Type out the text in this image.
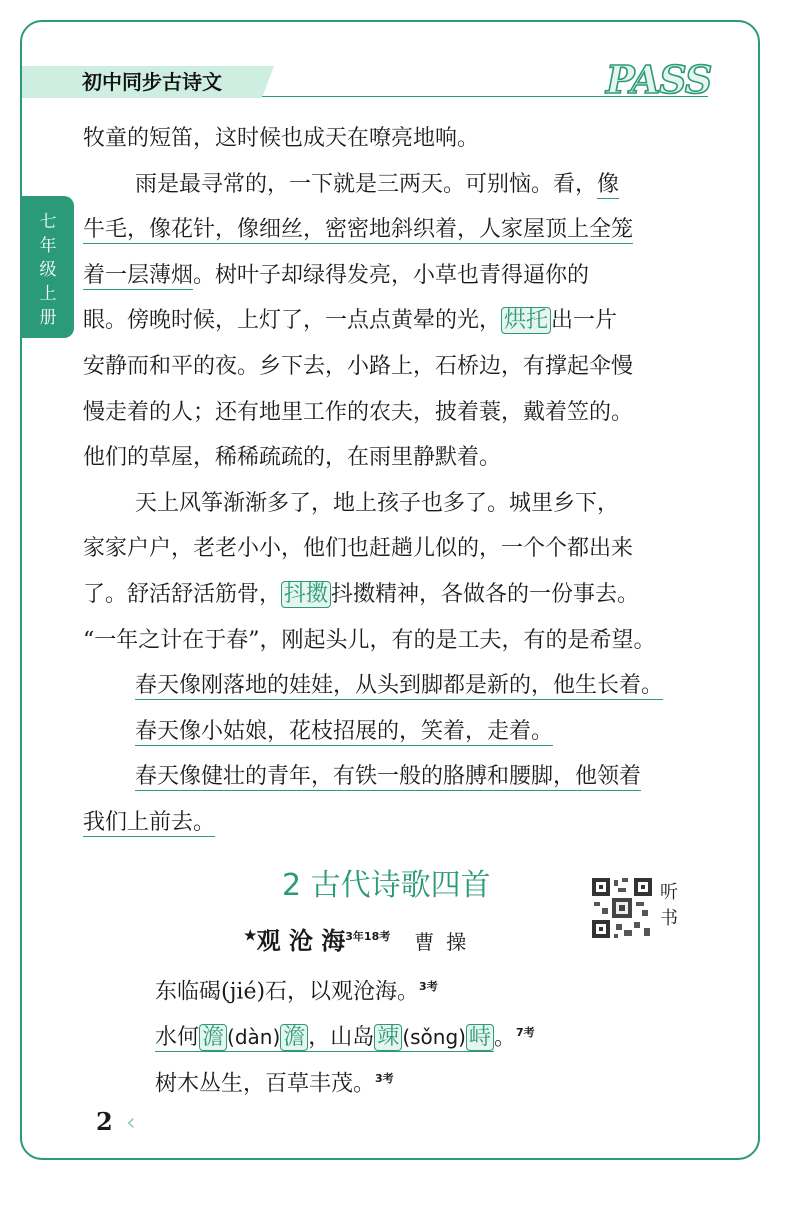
初中同步古诗文	PASS
七
年
级
上
册
牧童的短笛，这时候也成天在嘹亮地响。
雨是最寻常的，一下就是三两天。可别恼。看，像
牛毛，像花针，像细丝，密密地斜织着，人家屋顶上全笼
着一层薄烟。树叶子却绿得发亮，小草也青得逼你的
眼。傍晚时候，上灯了，一点点黄晕的光， 烘托 出一片
安静而和平的夜。乡下去，小路上，石桥边，有撑起伞慢
慢走着的人；还有地里工作的农夫，披着蓑，戴着笠的。
他们的草屋，稀稀疏疏的，在雨里静默着。
天上风筝渐渐多了，地上孩子也多了。城里乡下，
家家户户，老老小小，他们也赶趟儿似的，一个个都出来
了。舒活舒活筋骨， 抖擞 抖擞精神，各做各的一份事去。
“一年之计在于春”，刚起头儿，有的是工夫，有的是希望。
春天像刚落地的娃娃，从头到脚都是新的，他生长着。
春天像小姑娘，花枝招展的，笑着，走着。
春天像健壮的青年，有铁一般的胳膊和腰脚，他领着
我们上前去。
2 古代诗歌四首
★观 沧 海$^{3年18考}$ 曹操
听
书
东临碣(jié)石，以观沧海。$^{3考}$
水何 澹 (dàn) 澹 ，山岛 竦 (sǒng) 峙 。$^{7考}$
树木丛生，百草丰茂。$^{3考}$
2 ‹
